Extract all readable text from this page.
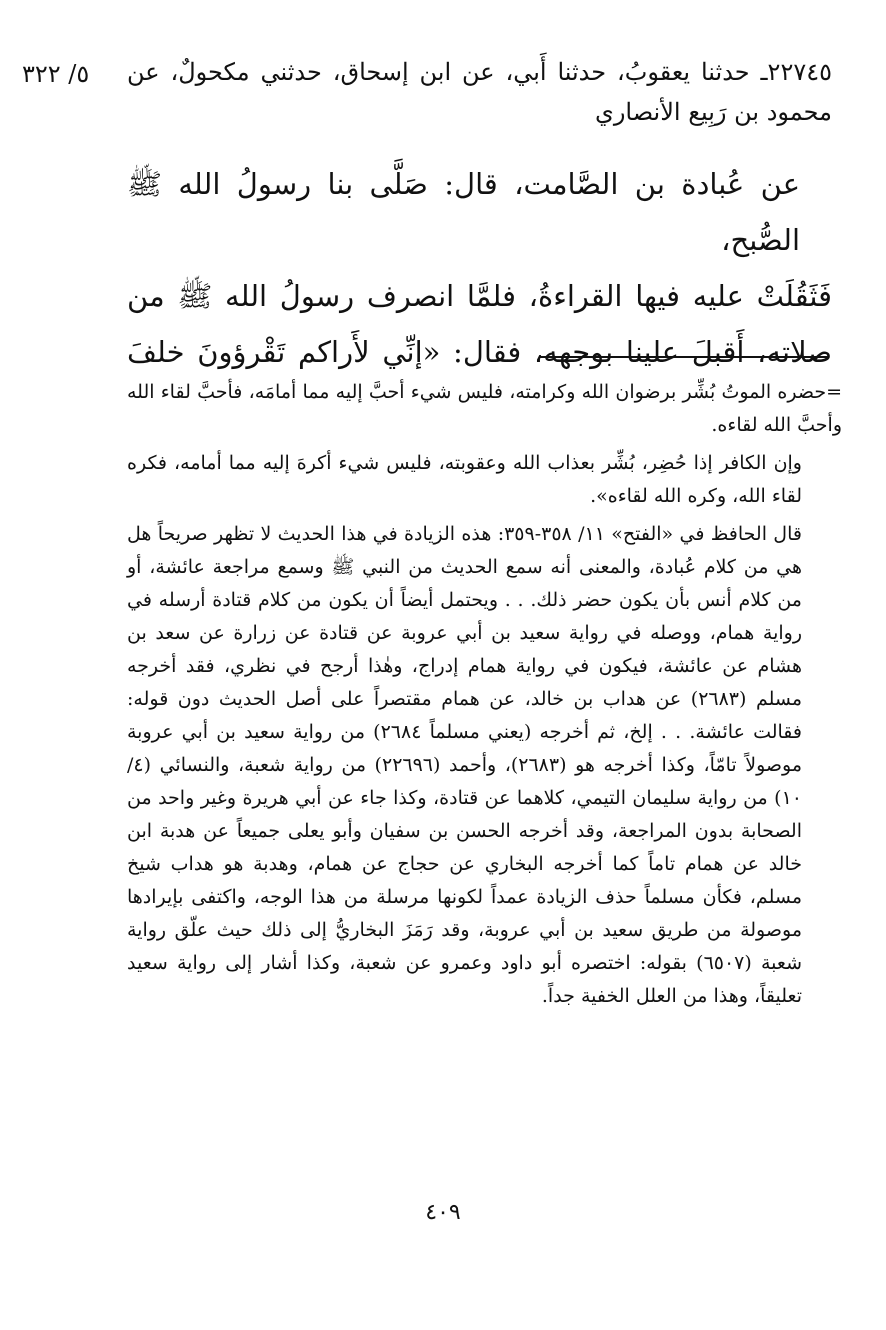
٥/ ٣٢٢ ٢٢٧٤٥ـ حدثنا يعقوبُ، حدثنا أَبي، عن ابن إسحاق، حدثني مكحولٌ، عن محمود بن رَبِيع الأنصاري

عن عُبادة بن الصَّامت، قال: صَلَّى بنا رسولُ الله ﷺ الصُّبح،

فَثَقُلَتْ عليه فيها القراءةُ، فلمَّا انصرف رسولُ الله ﷺ من

صلاته، أَقبلَ علينا بوجهه، فقال: «إنِّي لأَراكم تَقْرؤونَ خلفَ

=حضره الموتُ بُشِّر برضوان الله وكرامته، فليس شيء أحبَّ إليه مما أمامَه، فأحبَّ لقاء الله وأحبَّ الله لقاءه.

وإن الكافر إذا حُضِر، بُشِّر بعذاب الله وعقوبته، فليس شيء أكرهَ إليه مما أمامه، فكره لقاء الله، وكره الله لقاءه».

قال الحافظ في «الفتح» ١١/ ٣٥٨-٣٥٩: هذه الزيادة في هذا الحديث لا تظهر صريحاً هل هي من كلام عُبادة، والمعنى أنه سمع الحديث من النبي ﷺ وسمع مراجعة عائشة، أو من كلام أنس بأن يكون حضر ذلك. . . ويحتمل أيضاً أن يكون من كلام قتادة أرسله في رواية همام، ووصله في رواية سعيد بن أبي عروبة عن قتادة عن زرارة عن سعد بن هشام عن عائشة، فيكون في رواية همام إدراج، وهٰذا أرجح في نظري، فقد أخرجه مسلم (٢٦٨٣) عن هداب بن خالد، عن همام مقتصراً على أصل الحديث دون قوله: فقالت عائشة. . . إلخ، ثم أخرجه (يعني مسلماً ٢٦٨٤) من رواية سعيد بن أبي عروبة موصولاً تامّاً، وكذا أخرجه هو (٢٦٨٣)، وأحمد (٢٢٦٩٦) من رواية شعبة، والنسائي (٤/ ١٠) من رواية سليمان التيمي، كلاهما عن قتادة، وكذا جاء عن أبي هريرة وغير واحد من الصحابة بدون المراجعة، وقد أخرجه الحسن بن سفيان وأبو يعلى جميعاً عن هدبة ابن خالد عن همام تاماً كما أخرجه البخاري عن حجاج عن همام، وهدبة هو هداب شيخ مسلم، فكأن مسلماً حذف الزيادة عمداً لكونها مرسلة من هذا الوجه، واكتفى بإيرادها موصولة من طريق سعيد بن أبي عروبة، وقد رَمَزَ البخاريُّ إلى ذلك حيث علّق رواية شعبة (٦٥٠٧) بقوله: اختصره أبو داود وعمرو عن شعبة، وكذا أشار إلى رواية سعيد تعليقاً، وهذا من العلل الخفية جداً.

٤٠٩
